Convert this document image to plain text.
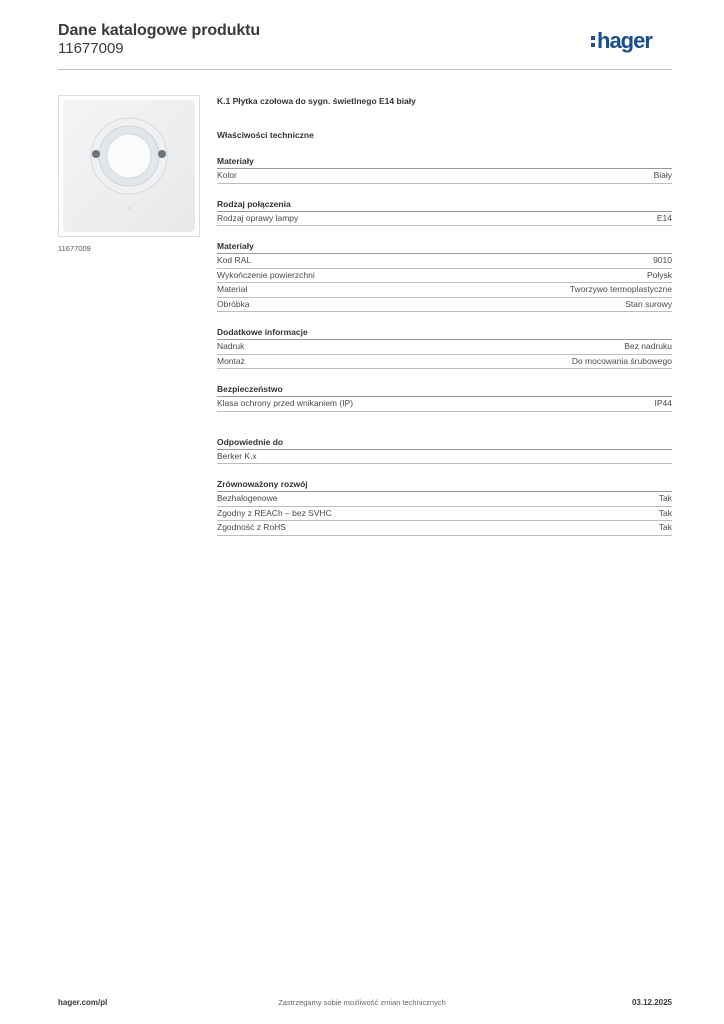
Dane katalogowe produktu
11677009	hager
11677009
K.1 Płytka czołowa do sygn. świetlnego E14 biały
Właściwości techniczne
Materiały
Kolor	Biały
Rodzaj połączenia
Rodzaj oprawy lampy	E14
Materiały
Kod RAL	9010
Wykończenie powierzchni	Połysk
Materiał	Tworzywo termoplastyczne
Obróbka	Stan surowy
Dodatkowe informacje
Nadruk	Bez nadruku
Montaż	Do mocowania śrubowego
Bezpieczeństwo
Klasa ochrony przed wnikaniem (IP)	IP44
Odpowiednie do
Berker K.x
Zrównoważony rozwój
Bezhalogenowe	Tak
Zgodny z REACh – bez SVHC	Tak
Zgodność z RoHS	Tak
hager.com/pl	Zastrzegamy sobie możliwość zmian technicznych	03.12.2025
